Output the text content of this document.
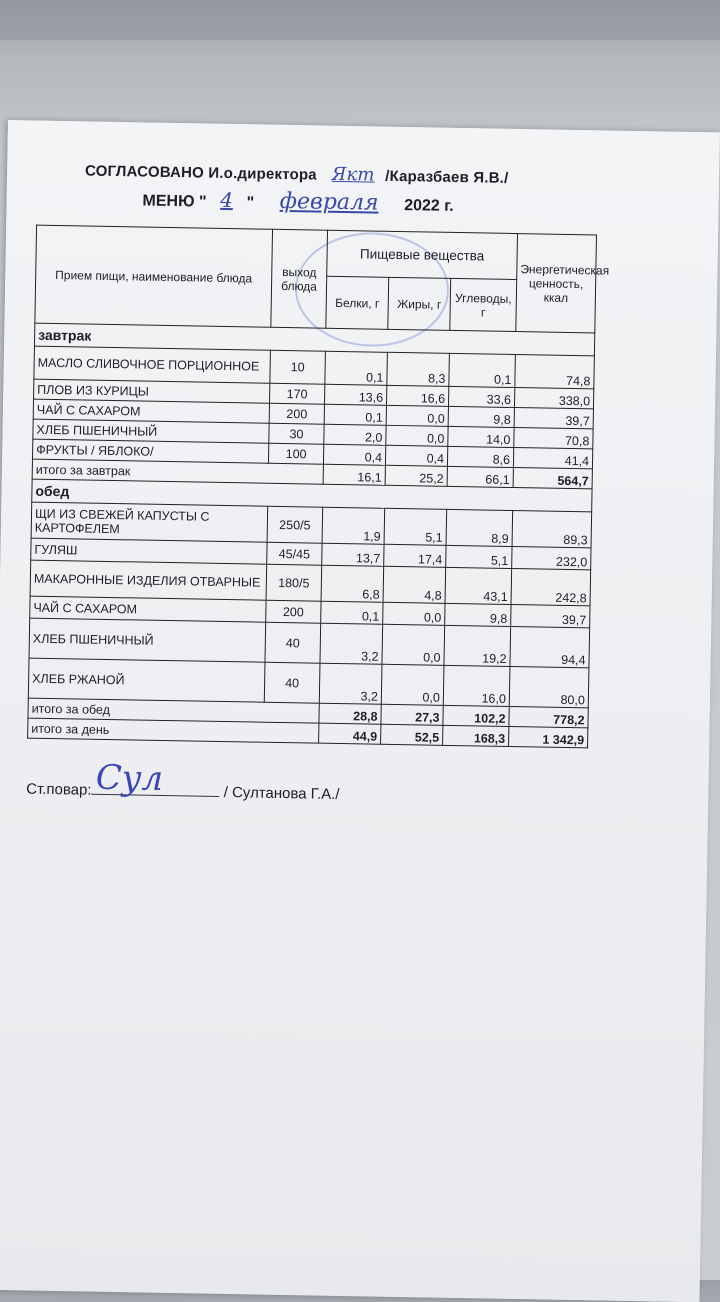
СОГЛАСОВАНО И.о.директора Якт /Каразбаев Я.В./
МЕНЮ " 4 " февраля 2022 г.
Прием пищи, наименование блюда	выход блюда	Пищевые вещества			Энергетическая ценность, ккал
		Белки, г	Жиры, г	Углеводы, г	
завтрак					
МАСЛО СЛИВОЧНОЕ ПОРЦИОННОЕ	10	0,1	8,3	0,1	74,8
ПЛОВ ИЗ КУРИЦЫ	170	13,6	16,6	33,6	338,0
ЧАЙ С САХАРОМ	200	0,1	0,0	9,8	39,7
ХЛЕБ ПШЕНИЧНЫЙ	30	2,0	0,0	14,0	70,8
ФРУКТЫ / ЯБЛОКО/	100	0,4	0,4	8,6	41,4
итого за завтрак		16,1	25,2	66,1	564,7
обед					
ЩИ ИЗ СВЕЖЕЙ КАПУСТЫ С КАРТОФЕЛЕМ	250/5	1,9	5,1	8,9	89,3
ГУЛЯШ	45/45	13,7	17,4	5,1	232,0
МАКАРОННЫЕ ИЗДЕЛИЯ ОТВАРНЫЕ	180/5	6,8	4,8	43,1	242,8
ЧАЙ С САХАРОМ	200	0,1	0,0	9,8	39,7
ХЛЕБ ПШЕНИЧНЫЙ	40	3,2	0,0	19,2	94,4
ХЛЕБ РЖАНОЙ	40	3,2	0,0	16,0	80,0
итого за обед		28,8	27,3	102,2	778,2
итого за день		44,9	52,5	168,3	1 342,9
Ст.повар: Сул	/ Султанова Г.А./
